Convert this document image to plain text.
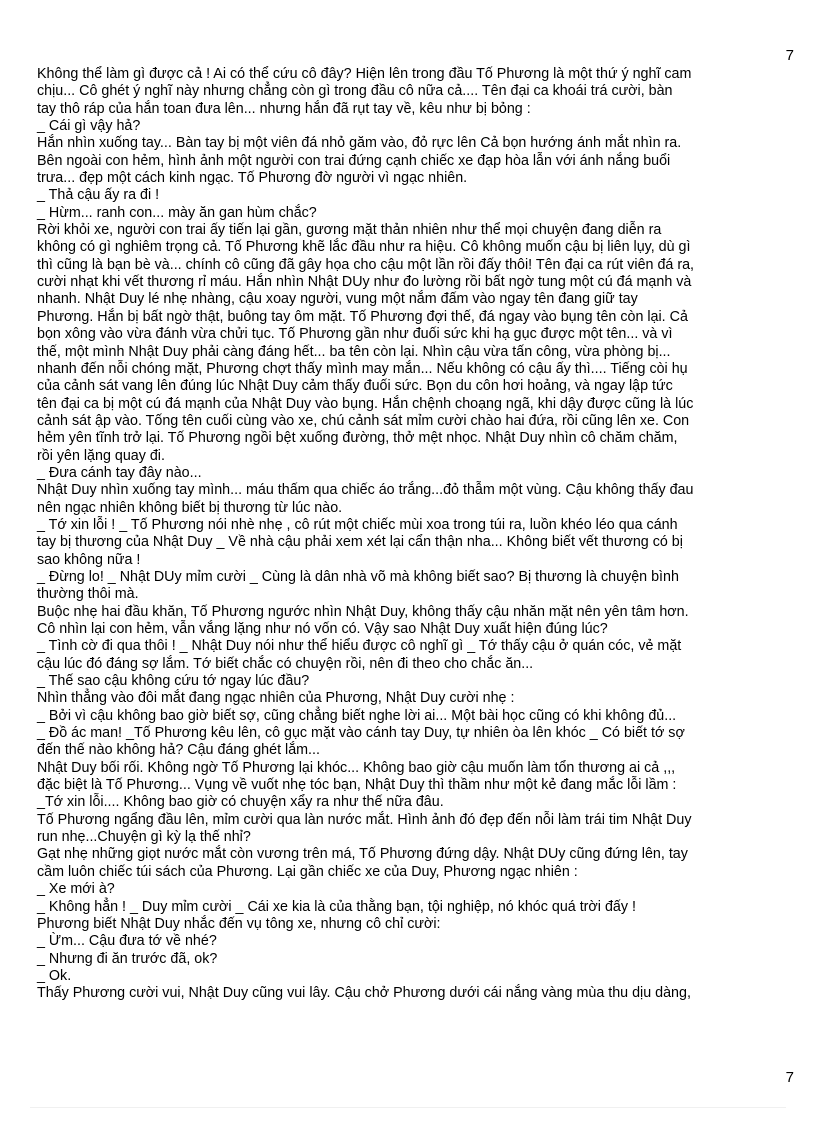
7

Không thể làm gì được cả ! Ai có thể cứu cô đây? Hiện lên trong đầu Tố Phương là một thứ ý nghĩ cam

chịu... Cô ghét ý nghĩ này nhưng chẳng còn gì trong đầu cô nữa cả.... Tên đại ca khoái trá cười, bàn

tay thô ráp của hắn toan đưa lên... nhưng hắn đã rụt tay về, kêu như bị bỏng :

_ Cái gì vậy hả?

Hắn nhìn xuống tay... Bàn tay bị một viên đá nhỏ găm vào, đỏ rực lên Cả bọn hướng ánh mắt nhìn ra.

Bên ngoài con hẻm, hình ảnh một người con trai đứng cạnh chiếc xe đạp hòa lẫn với ánh nắng buổi

trưa... đẹp một cách kinh ngạc. Tố Phương đờ người vì ngạc nhiên.

_ Thả cậu ấy ra đi !

_ Hừm... ranh con... mày ăn gan hùm chắc?

Rời khỏi xe, người con trai ấy tiến lại gần, gương mặt thản nhiên như thể mọi chuyện đang diễn ra

không có gì nghiêm trọng cả. Tố Phương khẽ lắc đầu như ra hiệu. Cô không muốn cậu bị liên lụy, dù gì

thì cũng là bạn bè và... chính cô cũng đã gây họa cho cậu một lần rồi đấy thôi! Tên đại ca rút viên đá ra,

cười nhạt khi vết thương rỉ máu. Hắn nhìn Nhật DUy như đo lường rồi bất ngờ tung một cú đá mạnh và

nhanh. Nhật Duy lé nhẹ nhàng, cậu xoay người, vung một nắm đấm vào ngay tên đang giữ tay

Phương. Hắn bị bất ngờ thật, buông tay ôm mặt. Tố Phương đợi thế, đá ngay vào bụng tên còn lại. Cả

bọn xông vào vừa đánh vừa chửi tục. Tố Phương gần như đuối sức khi hạ gục được một tên... và vì

thế, một mình Nhật Duy phải càng đáng hết... ba tên còn lại. Nhìn cậu vừa tấn công, vừa phòng bị...

nhanh đến nỗi chóng mặt, Phương chợt thấy mình may mắn... Nếu không có cậu ấy thì.... Tiếng còi hụ

của cảnh sát vang lên đúng lúc Nhật Duy cảm thấy đuối sức. Bọn du côn hơi hoảng, và ngay lập tức

tên đại ca bị một cú đá mạnh của Nhật Duy vào bụng. Hắn chệnh choạng ngã, khi dậy được cũng là lúc

cảnh sát ập vào. Tống tên cuối cùng vào xe, chú cảnh sát mỉm cười chào hai đứa, rồi cũng lên xe. Con

hẻm yên tĩnh trở lại. Tố Phương ngồi bệt xuống đường, thở mệt nhọc. Nhật Duy nhìn cô chăm chăm,

rồi yên lặng quay đi.

_ Đưa cánh tay đây nào...

Nhật Duy nhìn xuống tay mình... máu thấm qua chiếc áo trắng...đỏ thẫm một vùng. Cậu không thấy đau

nên ngạc nhiên không biết bị thương từ lúc nào.

_ Tớ xin lỗi ! _ Tố Phương nói nhè nhẹ , cô rút một chiếc mùi xoa trong túi ra, luồn khéo léo qua cánh

tay bị thương của Nhật Duy _ Về nhà cậu phải xem xét lại cẩn thận nha... Không biết vết thương có bị

sao không nữa !

_ Đừng lo! _ Nhật DUy mỉm cười _ Cùng là dân nhà võ mà không biết sao? Bị thương là chuyện bình

thường thôi mà.

Buộc nhẹ hai đầu khăn, Tố Phương ngước nhìn Nhật Duy, không thấy cậu nhăn mặt nên yên tâm hơn.

Cô nhìn lại con hẻm, vẫn vắng lặng như nó vốn có. Vậy sao Nhật Duy xuất hiện đúng lúc?

_ Tình cờ đi qua thôi ! _ Nhật Duy nói như thể hiểu được cô nghĩ gì _ Tớ thấy cậu ở quán cóc, vẻ mặt

cậu lúc đó đáng sợ lắm. Tớ biết chắc có chuyện rồi, nên đi theo cho chắc ăn...

_ Thế sao cậu không cứu tớ ngay lúc đầu?

Nhìn thẳng vào đôi mắt đang ngạc nhiên của Phương, Nhật Duy cười nhẹ :

_ Bởi vì cậu không bao giờ biết sợ, cũng chẳng biết nghe lời ai... Một bài học cũng có khi không đủ...

_ Đồ ác man! _Tố Phương kêu lên, cô gục mặt vào cánh tay Duy, tự nhiên òa lên khóc _ Có biết tớ sợ

đến thế nào không hả? Cậu đáng ghét lắm...

Nhật Duy bối rối. Không ngờ Tố Phương lại khóc... Không bao giờ cậu muốn làm tổn thương ai cả ,,,

đặc biệt là Tố Phương... Vụng về vuốt nhẹ tóc bạn, Nhật Duy thì thầm như một kẻ đang mắc lỗi lầm :

_Tớ xin lỗi.... Không bao giờ có chuyện xẩy ra như thế nữa đâu.

Tố Phương ngẩng đầu lên, mỉm cười qua làn nước mắt. Hình ảnh đó đẹp đến nỗi làm trái tim Nhật Duy

run nhẹ...Chuyện gì kỳ lạ thế nhỉ?

Gạt nhẹ những giọt nước mắt còn vương trên má, Tố Phương đứng dậy. Nhật DUy cũng đứng lên, tay

cầm luôn chiếc túi sách của Phương. Lại gần chiếc xe của Duy, Phương ngạc nhiên :

_ Xe mới à?

_ Không hẳn ! _ Duy mỉm cười _ Cái xe kia là của thằng bạn, tội nghiệp, nó khóc quá trời đấy !

Phương biết Nhật Duy nhắc đến vụ tông xe, nhưng cô chỉ cười:

_ Ừm... Cậu đưa tớ về nhé?

_ Nhưng đi ăn trước đã, ok?

_ Ok.

Thấy Phương cười vui, Nhật Duy cũng vui lây. Cậu chở Phương dưới cái nắng vàng mùa thu dịu dàng,

7
